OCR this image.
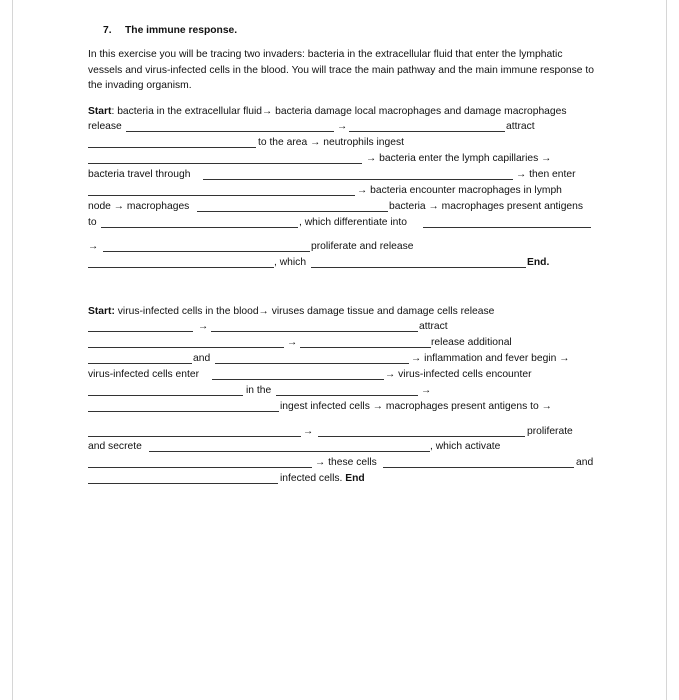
7. The immune response.
In this exercise you will be tracing two invaders: bacteria in the extracellular fluid that enter the lymphatic vessels and virus-infected cells in the blood. You will trace the main pathway and the main immune response to the invading organism.
Start: bacteria in the extracellular fluid→ bacteria damage local macrophages and damage macrophages
release	→	attract
to the area → neutrophils ingest
→ bacteria enter the lymph capillaries →
bacteria travel through	→ then enter
→ bacteria encounter macrophages in lymph
node → macrophages	bacteria → macrophages present antigens
to	, which differentiate into
→	proliferate and release
, which	End.
Start: virus-infected cells in the blood→ viruses damage tissue and damage cells release
→	attract
→	release additional
and	→ inflammation and fever begin →
virus-infected cells enter	→ virus-infected cells encounter
in the	→
ingest infected cells → macrophages present antigens to →
→	proliferate
and secrete	, which activate
→ these cells	and
infected cells. End
